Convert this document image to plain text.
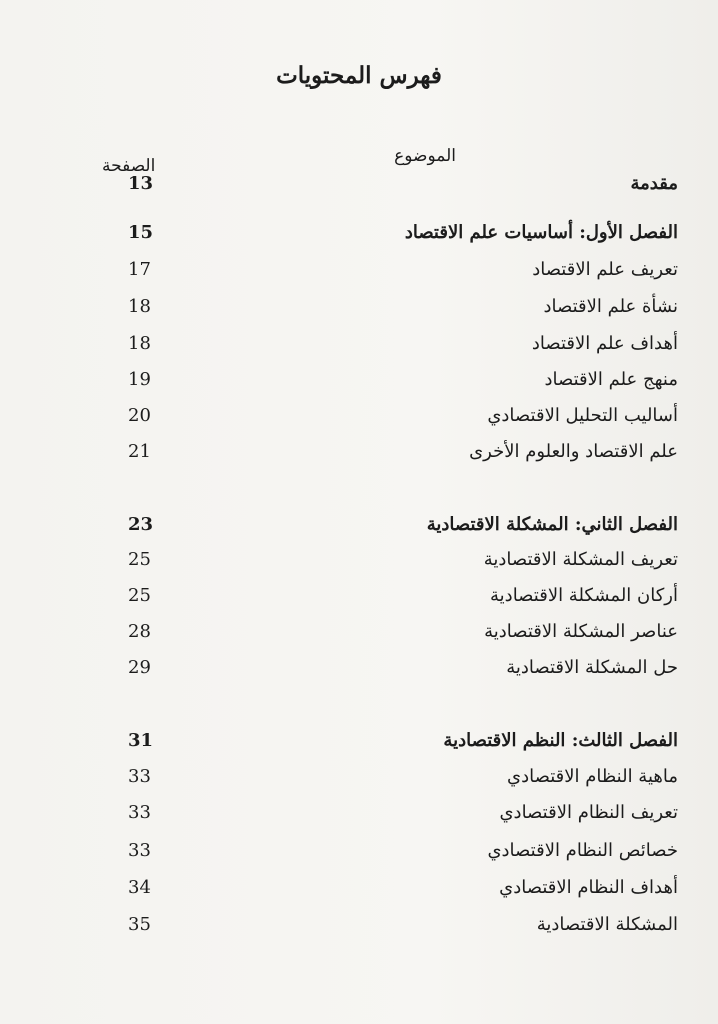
فهرس المحتويات
الموضوع
الصفحة
مقدمة
13
الفصل الأول: أساسيات علم الاقتصاد
15
تعريف علم الاقتصاد
17
نشأة علم الاقتصاد
18
أهداف علم الاقتصاد
18
منهج علم الاقتصاد
19
أساليب التحليل الاقتصادي
20
علم الاقتصاد والعلوم الأخرى
21
الفصل الثاني: المشكلة الاقتصادية
23
تعريف المشكلة الاقتصادية
25
أركان المشكلة الاقتصادية
25
عناصر المشكلة الاقتصادية
28
حل المشكلة الاقتصادية
29
الفصل الثالث: النظم الاقتصادية
31
ماهية النظام الاقتصادي
33
تعريف النظام الاقتصادي
33
خصائص النظام الاقتصادي
33
أهداف النظام الاقتصادي
34
المشكلة الاقتصادية
35
